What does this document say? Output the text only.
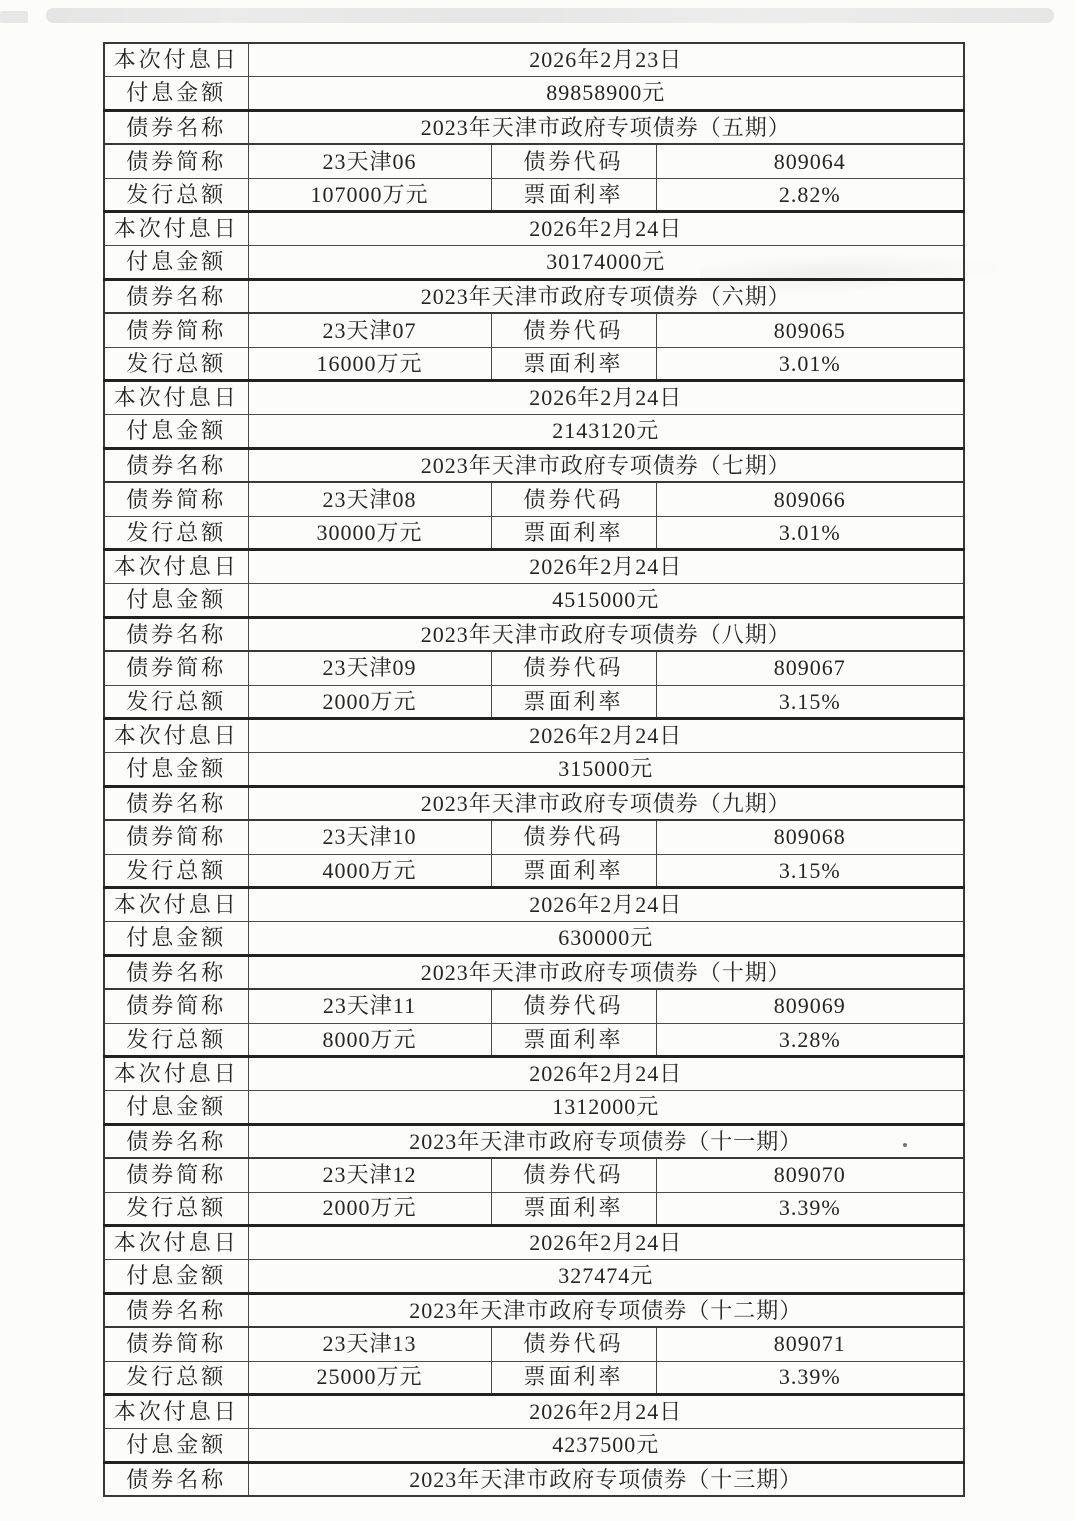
本次付息日	2026年2月23日		
付息金额	89858900元		
债券名称	2023年天津市政府专项债券（五期）		
债券简称	23天津06	债券代码	809064
发行总额	107000万元	票面利率	2.82%
本次付息日	2026年2月24日		
付息金额	30174000元		
债券名称	2023年天津市政府专项债券（六期）		
债券简称	23天津07	债券代码	809065
发行总额	16000万元	票面利率	3.01%
本次付息日	2026年2月24日		
付息金额	2143120元		
债券名称	2023年天津市政府专项债券（七期）		
债券简称	23天津08	债券代码	809066
发行总额	30000万元	票面利率	3.01%
本次付息日	2026年2月24日		
付息金额	4515000元		
债券名称	2023年天津市政府专项债券（八期）		
债券简称	23天津09	债券代码	809067
发行总额	2000万元	票面利率	3.15%
本次付息日	2026年2月24日		
付息金额	315000元		
债券名称	2023年天津市政府专项债券（九期）		
债券简称	23天津10	债券代码	809068
发行总额	4000万元	票面利率	3.15%
本次付息日	2026年2月24日		
付息金额	630000元		
债券名称	2023年天津市政府专项债券（十期）		
债券简称	23天津11	债券代码	809069
发行总额	8000万元	票面利率	3.28%
本次付息日	2026年2月24日		
付息金额	1312000元		
债券名称	2023年天津市政府专项债券（十一期）		
债券简称	23天津12	债券代码	809070
发行总额	2000万元	票面利率	3.39%
本次付息日	2026年2月24日		
付息金额	327474元		
债券名称	2023年天津市政府专项债券（十二期）		
债券简称	23天津13	债券代码	809071
发行总额	25000万元	票面利率	3.39%
本次付息日	2026年2月24日		
付息金额	4237500元		
债券名称	2023年天津市政府专项债券（十三期）		
